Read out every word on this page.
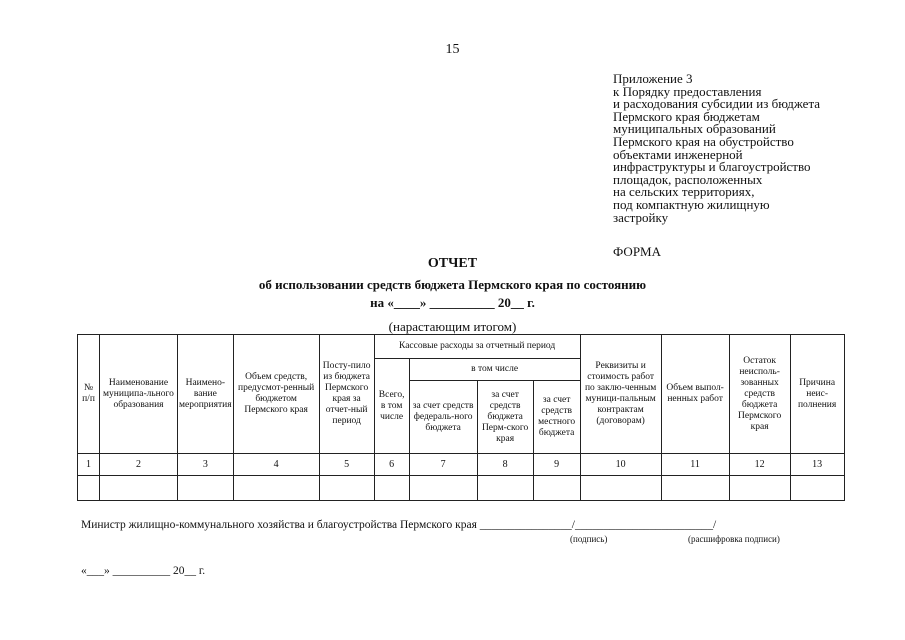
15
Приложение 3
к Порядку предоставления
и расходования субсидии из бюджета
Пермского края бюджетам
муниципальных образований
Пермского края на обустройство
объектами инженерной
инфраструктуры и благоустройство
площадок, расположенных
на сельских территориях,
под компактную жилищную
застройку
ФОРМА
ОТЧЕТ
об использовании средств бюджета Пермского края по состоянию
на «____» __________ 20__ г.
(нарастающим итогом)
№ п/п	Наименование муниципа-льного образования	Наимено-вание мероприятия	Объем средств, предусмот-ренный бюджетом Пермского края	Посту-пило из бюджета Пермского края за отчет-ный период	Кассовые расходы за отчетный период				Реквизиты и стоимость работ по заклю-ченным муници-пальным контрактам (договорам)	Объем выпол-ненных работ	Остаток неисполь-зованных средств бюджета Пермского края	Причина неис-полнения
					Всего, в том числе	в том числе						
						за счет средств федераль-ного бюджета	за счет средств бюджета Перм-ского края	за счет средств местного бюджета				
1	2	3	4	5	6	7	8	9	10	11	12	13

Министр жилищно-коммунального хозяйства и благоустройства Пермского края ________________/________________________/
(подпись)	(расшифровка подписи)
«___» __________ 20__ г.
